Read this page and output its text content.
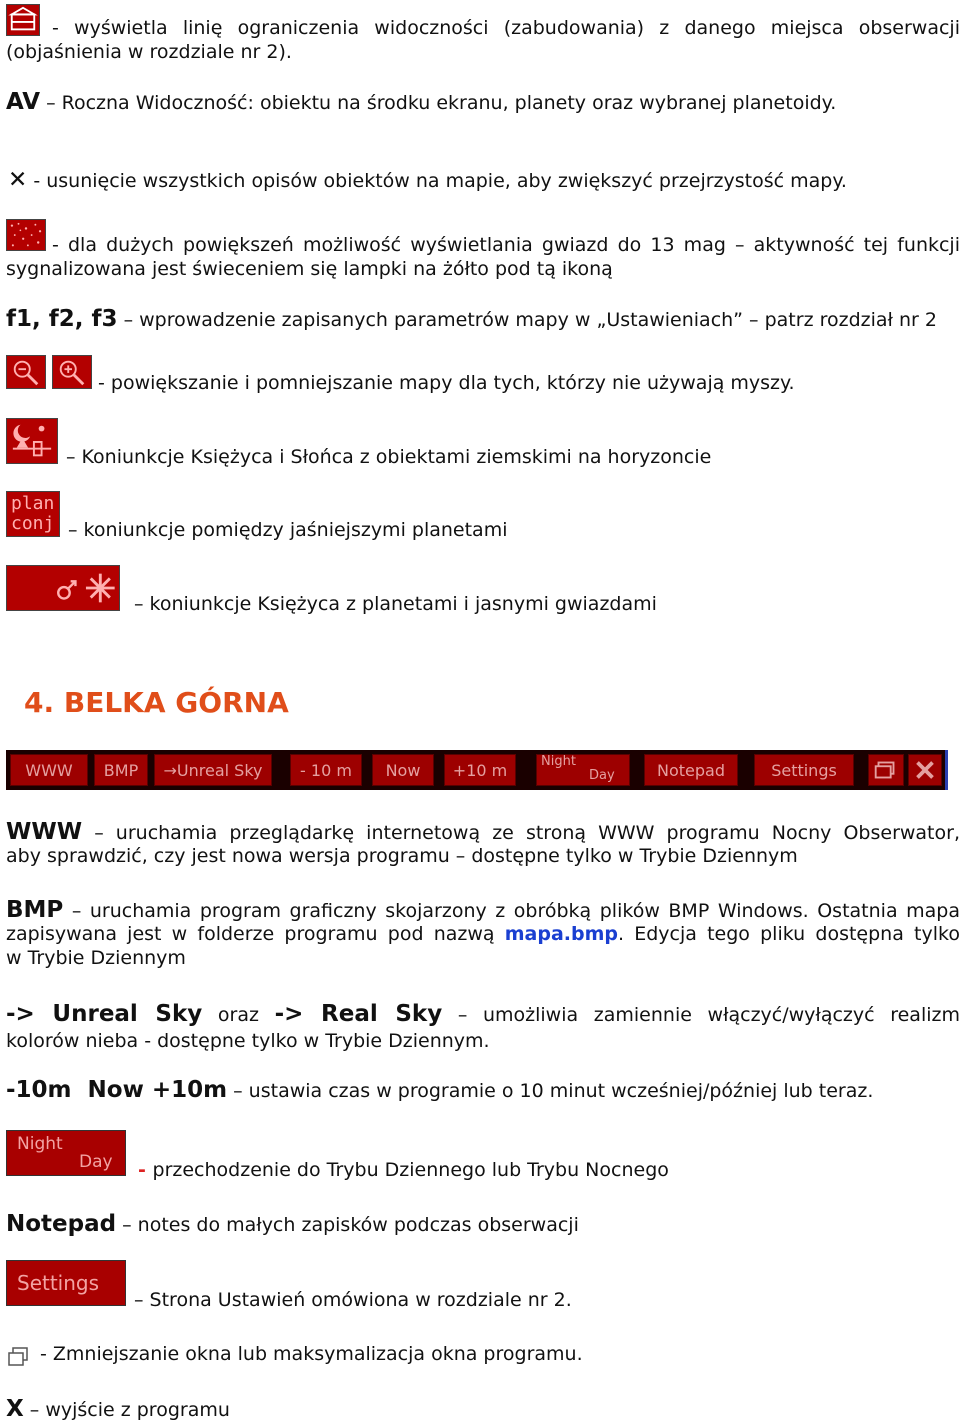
- wyświetla linię ograniczenia widoczności (zabudowania) z danego miejsca obserwacji
(objaśnienia w rozdziale nr 2).
AV – Roczna Widoczność: obiektu na środku ekranu, planety oraz wybranej planetoidy.
✕ - usunięcie wszystkich opisów obiektów na mapie, aby zwiększyć przejrzystość mapy.
- dla dużych powiększeń możliwość wyświetlania gwiazd do 13 mag – aktywność tej funkcji
sygnalizowana jest świeceniem się lampki na żółto pod tą ikoną
f1, f2, f3 – wprowadzenie zapisanych parametrów mapy w „Ustawieniach” – patrz rozdział nr 2
- powiększanie i pomniejszanie mapy dla tych, którzy nie używają myszy.
– Koniunkcje Księżyca i Słońca z obiektami ziemskimi na horyzoncie
plan
conj – koniunkcje pomiędzy jaśniejszymi planetami
– koniunkcje Księżyca z planetami i jasnymi gwiazdami
4. BELKA GÓRNA
WWW	BMP	→Unreal Sky	- 10 m	Now	+10 m	Night
Day	Notepad	Settings
WWW – uruchamia przeglądarkę internetową ze stroną WWW programu Nocny Obserwator,
aby sprawdzić, czy jest nowa wersja programu – dostępne tylko w Trybie Dziennym
BMP – uruchamia program graficzny skojarzony z obróbką plików BMP Windows. Ostatnia mapa
zapisywana jest w folderze programu pod nazwą mapa.bmp. Edycja tego pliku dostępna tylko
w Trybie Dziennym
-> Unreal Sky oraz -> Real Sky – umożliwia zamiennie włączyć/wyłączyć realizm
kolorów nieba - dostępne tylko w Trybie Dziennym.
-10m  Now +10m – ustawia czas w programie o 10 minut wcześniej/później lub teraz.
Night
Day	- przechodzenie do Trybu Dziennego lub Trybu Nocnego
Notepad – notes do małych zapisków podczas obserwacji
Settings
– Strona Ustawień omówiona w rozdziale nr 2.
- Zmniejszanie okna lub maksymalizacja okna programu.
X – wyjście z programu
